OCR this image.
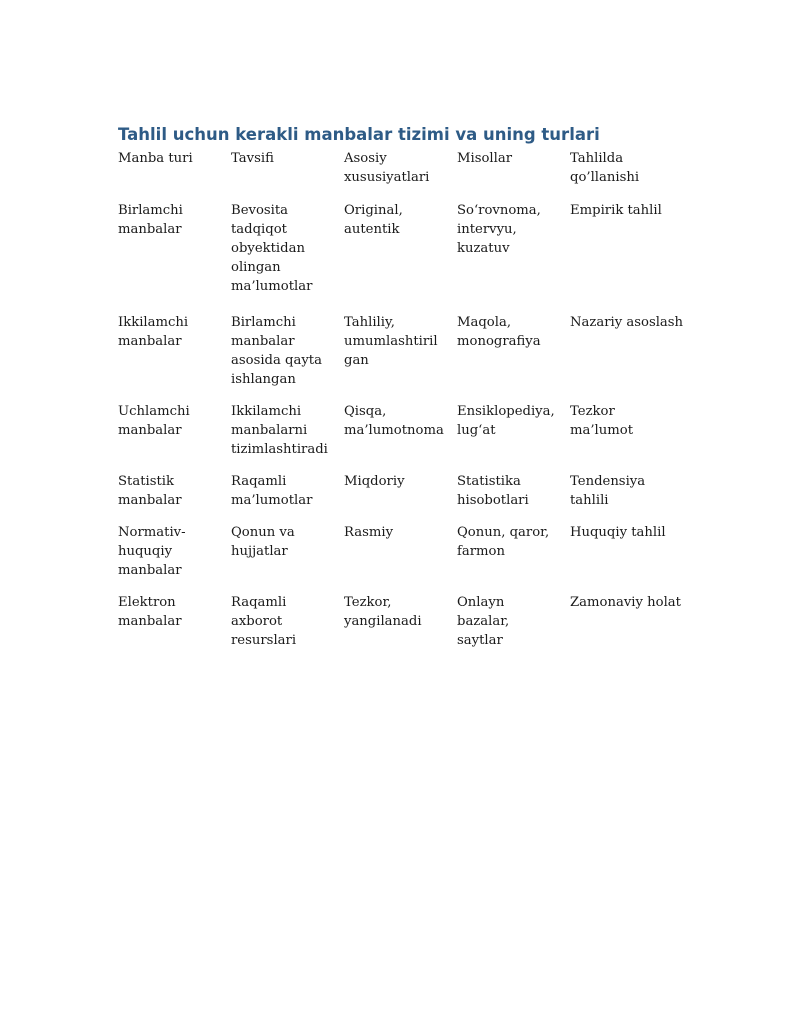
Tahlil uchun kerakli manbalar tizimi va uning turlari
Manba turi	Tavsifi	Asosiy xususiyatlari	Misollar	Tahlilda qo’llanishi
Birlamchi manbalar	Bevosita tadqiqot obyektidan olingan ma’lumotlar	Original, autentik	So‘rovnoma, intervyu, kuzatuv	Empirik tahlil
Ikkilamchi manbalar	Birlamchi manbalar asosida qayta ishlangan	Tahliliy, umumlashtirilgan	Maqola, monografiya	Nazariy asoslash
Uchlamchi manbalar	Ikkilamchi manbalarni tizimlashtiradi	Qisqa, ma’lumotnoma	Ensiklopediya, lug‘at	Tezkor ma’lumot
Statistik manbalar	Raqamli ma’lumotlar	Miqdoriy	Statistika hisobotlari	Tendensiya tahlili
Normativ-huquqiy manbalar	Qonun va hujjatlar	Rasmiy	Qonun, qaror, farmon	Huquqiy tahlil
Elektron manbalar	Raqamli axborot resurslari	Tezkor, yangilanadi	Onlayn bazalar, saytlar	Zamonaviy holat
